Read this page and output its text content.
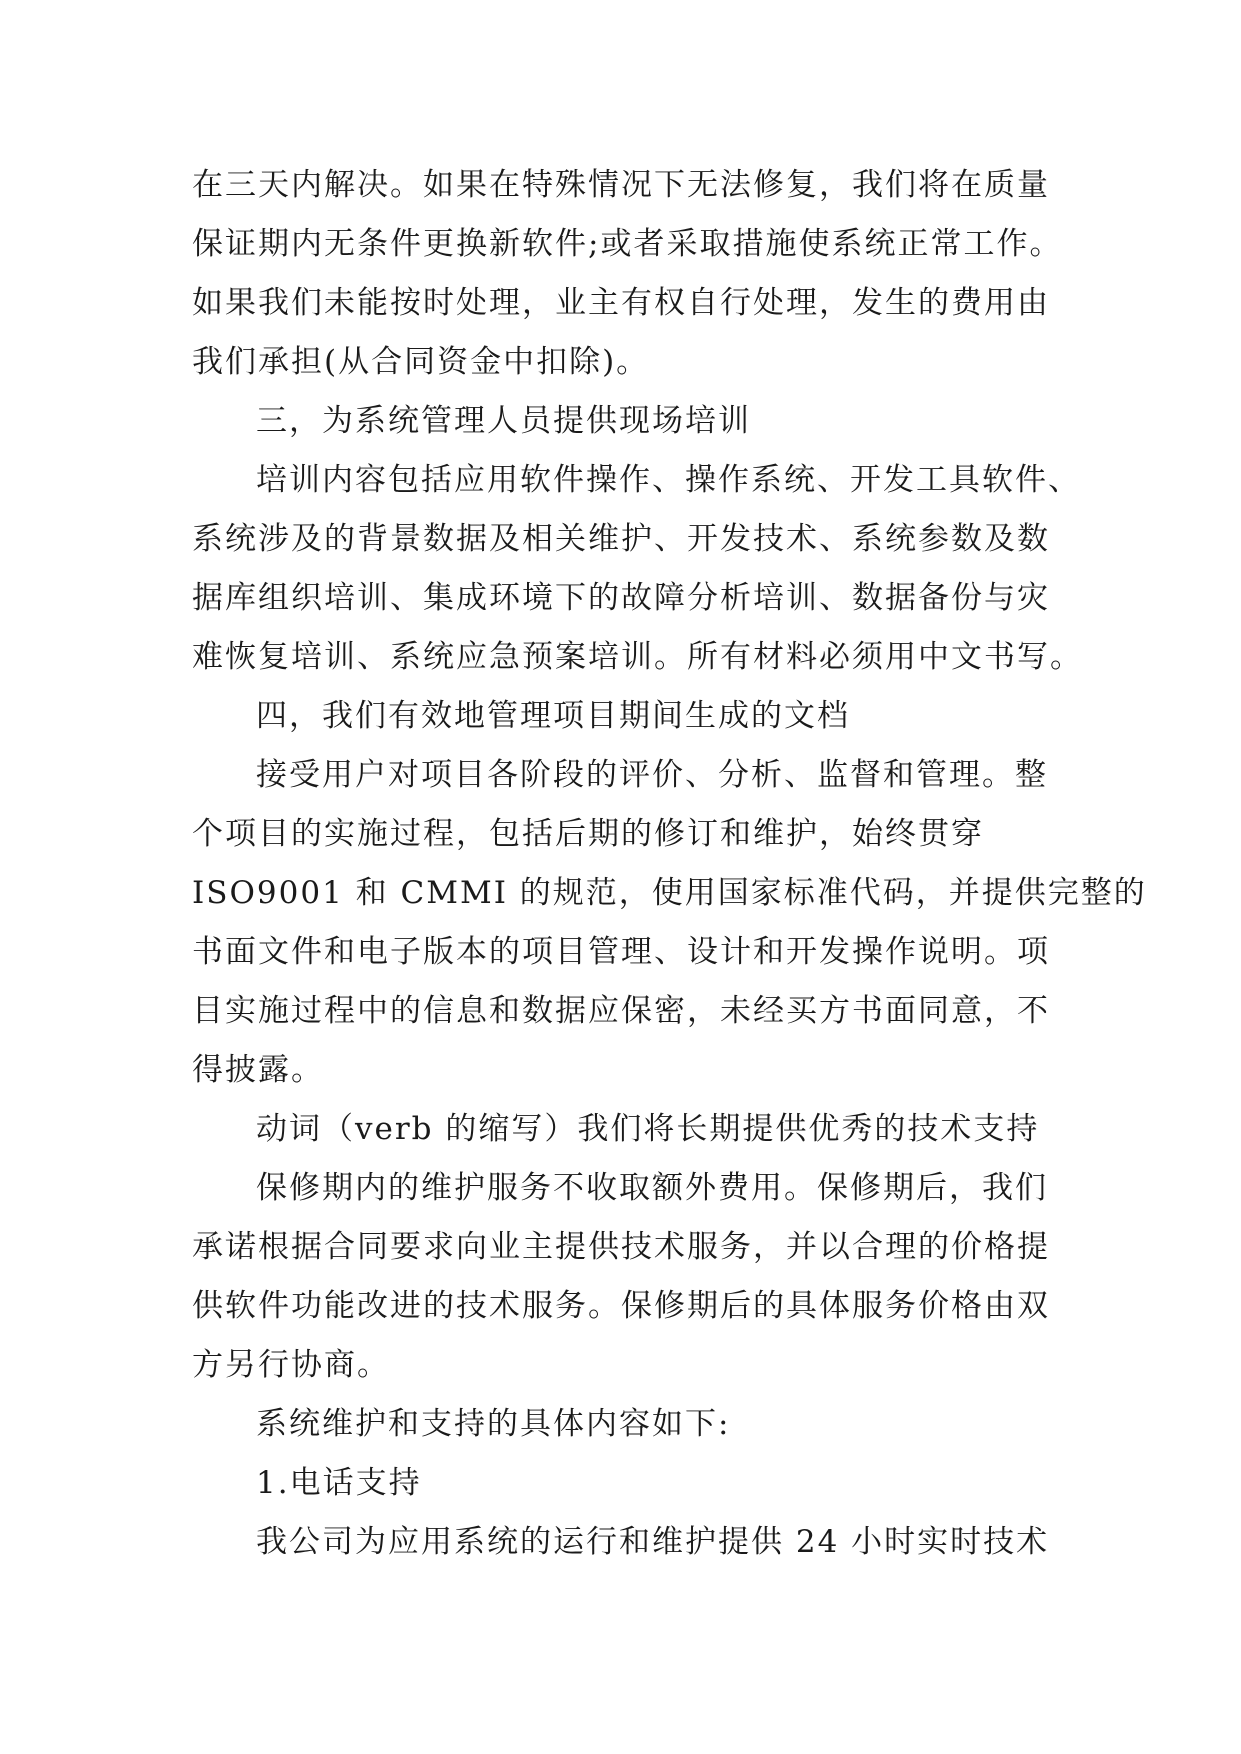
在三天内解决。如果在特殊情况下无法修复，我们将在质量
保证期内无条件更换新软件;或者采取措施使系统正常工作。
如果我们未能按时处理，业主有权自行处理，发生的费用由
我们承担(从合同资金中扣除)。
三，为系统管理人员提供现场培训
培训内容包括应用软件操作、操作系统、开发工具软件、
系统涉及的背景数据及相关维护、开发技术、系统参数及数
据库组织培训、集成环境下的故障分析培训、数据备份与灾
难恢复培训、系统应急预案培训。所有材料必须用中文书写。
四，我们有效地管理项目期间生成的文档
接受用户对项目各阶段的评价、分析、监督和管理。整
个项目的实施过程，包括后期的修订和维护，始终贯穿
ISO9001 和 CMMI 的规范，使用国家标准代码，并提供完整的
书面文件和电子版本的项目管理、设计和开发操作说明。项
目实施过程中的信息和数据应保密，未经买方书面同意，不
得披露。
动词（verb 的缩写）我们将长期提供优秀的技术支持
保修期内的维护服务不收取额外费用。保修期后，我们
承诺根据合同要求向业主提供技术服务，并以合理的价格提
供软件功能改进的技术服务。保修期后的具体服务价格由双
方另行协商。
系统维护和支持的具体内容如下:
1.电话支持
我公司为应用系统的运行和维护提供 24 小时实时技术
